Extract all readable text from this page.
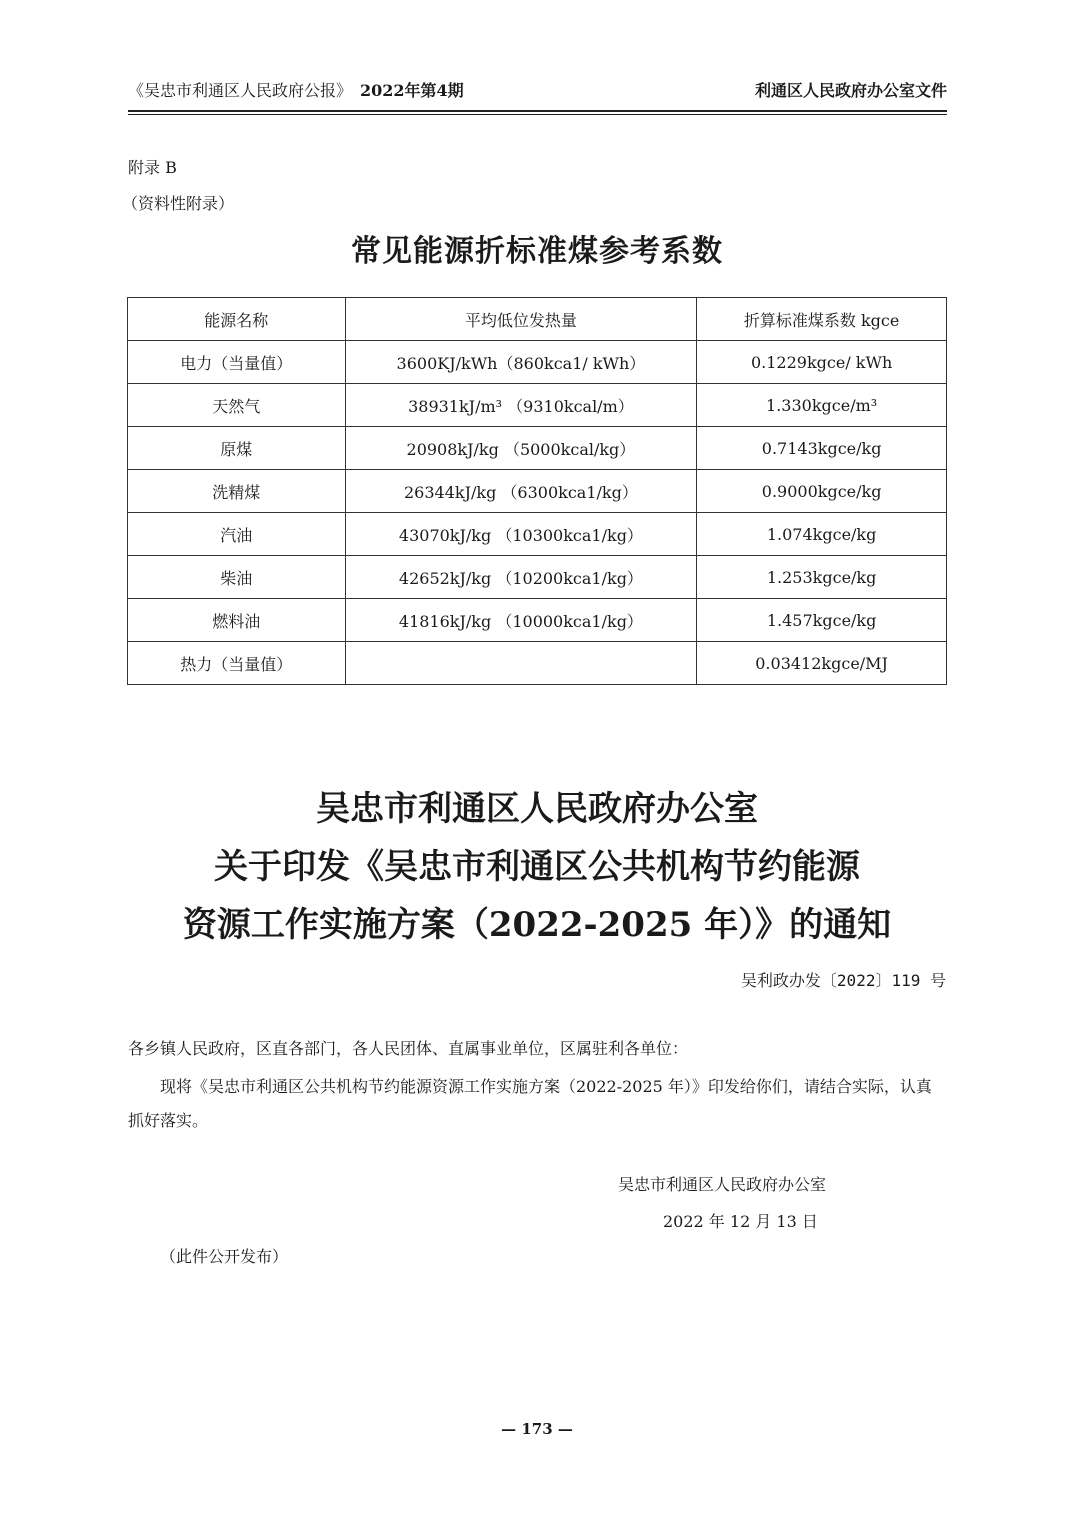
《吴忠市利通区人民政府公报》 2022年第4期	利通区人民政府办公室文件
附录 B
（资料性附录）
常见能源折标准煤参考系数
能源名称	平均低位发热量	折算标准煤系数 kgce
电力（当量值）	3600KJ/kWh（860kca1/ kWh）	0.1229kgce/ kWh
天然气	38931kJ/m³ （9310kcal/m）	1.330kgce/m³
原煤	20908kJ/kg （5000kcal/kg）	0.7143kgce/kg
洗精煤	26344kJ/kg （6300kca1/kg）	0.9000kgce/kg
汽油	43070kJ/kg （10300kca1/kg）	1.074kgce/kg
柴油	42652kJ/kg （10200kca1/kg）	1.253kgce/kg
燃料油	41816kJ/kg （10000kca1/kg）	1.457kgce/kg
热力（当量值）		0.03412kgce/MJ
吴忠市利通区人民政府办公室
关于印发《吴忠市利通区公共机构节约能源
资源工作实施方案（2022-2025 年）》的通知
吴利政办发〔2022〕119 号
各乡镇人民政府，区直各部门，各人民团体、直属事业单位，区属驻利各单位：
现将《吴忠市利通区公共机构节约能源资源工作实施方案（2022-2025 年）》印发给你们，请结合实际，认真抓好落实。
吴忠市利通区人民政府办公室
2022 年 12 月 13 日
（此件公开发布）
— 173 —
